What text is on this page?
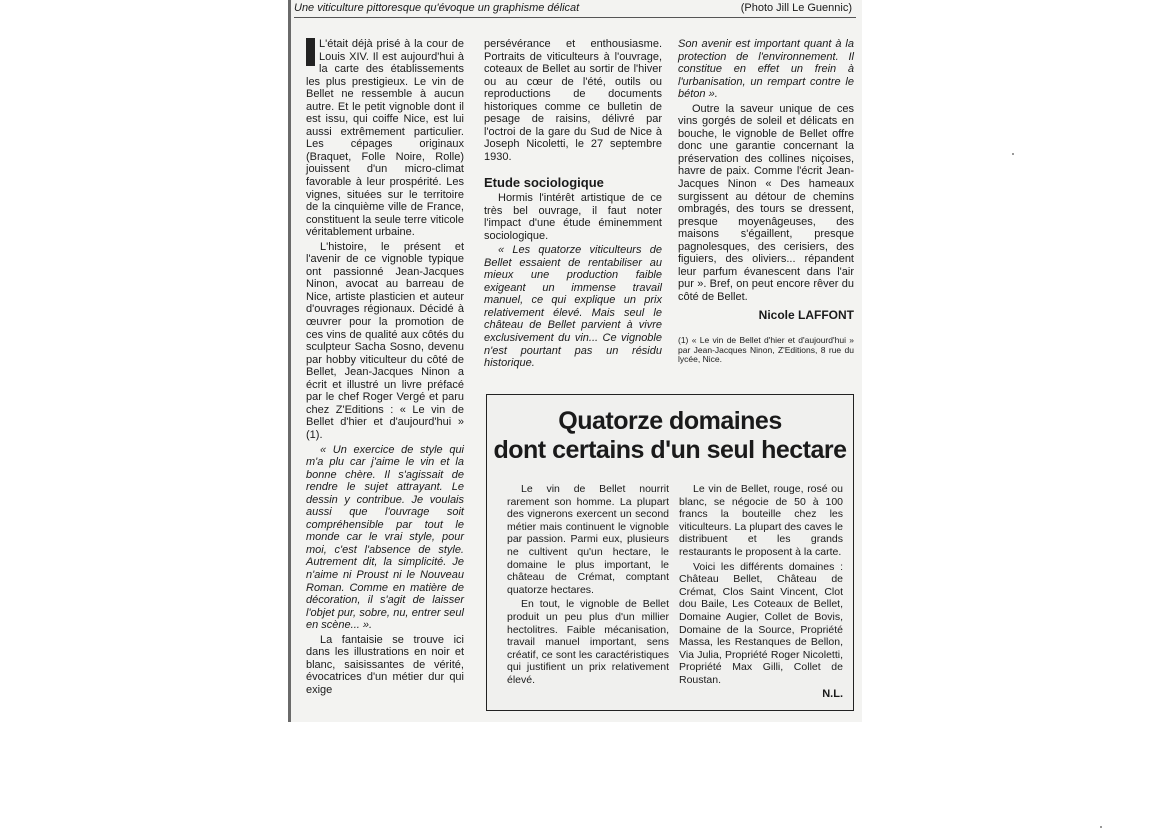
Une viticulture pittoresque qu'évoque un graphisme délicat	(Photo Jill Le Guennic)

L'était déjà prisé à la cour de Louis XIV. Il est aujourd'hui à la carte des établissements les plus prestigieux. Le vin de Bellet ne ressemble à aucun autre. Et le petit vignoble dont il est issu, qui coiffe Nice, est lui aussi extrêmement particulier. Les cépages originaux (Braquet, Folle Noire, Rolle) jouissent d'un micro-climat favorable à leur prospérité. Les vignes, situées sur le territoire de la cinquième ville de France, constituent la seule terre viticole véritablement urbaine.

L'histoire, le présent et l'avenir de ce vignoble typique ont passionné Jean-Jacques Ninon, avocat au barreau de Nice, artiste plasticien et auteur d'ouvrages régionaux. Décidé à œuvrer pour la promotion de ces vins de qualité aux côtés du sculpteur Sacha Sosno, devenu par hobby viticulteur du côté de Bellet, Jean-Jacques Ninon a écrit et illustré un livre préfacé par le chef Roger Vergé et paru chez Z'Editions : « Le vin de Bellet d'hier et d'aujourd'hui » (1).

« Un exercice de style qui m'a plu car j'aime le vin et la bonne chère. Il s'agissait de rendre le sujet attrayant. Le dessin y contribue. Je voulais aussi que l'ouvrage soit compréhensible par tout le monde car le vrai style, pour moi, c'est l'absence de style. Autrement dit, la simplicité. Je n'aime ni Proust ni le Nouveau Roman. Comme en matière de décoration, il s'agit de laisser l'objet pur, sobre, nu, entrer seul en scène... ».

La fantaisie se trouve ici dans les illustrations en noir et blanc, saisissantes de vérité, évocatrices d'un métier dur qui exige

persévérance et enthousiasme. Portraits de viticulteurs à l'ouvrage, coteaux de Bellet au sortir de l'hiver ou au cœur de l'été, outils ou reproductions de documents historiques comme ce bulletin de pesage de raisins, délivré par l'octroi de la gare du Sud de Nice à Joseph Nicoletti, le 27 septembre 1930.

Etude sociologique

Hormis l'intérêt artistique de ce très bel ouvrage, il faut noter l'impact d'une étude éminemment sociologique.

« Les quatorze viticulteurs de Bellet essaient de rentabiliser au mieux une production faible exigeant un immense travail manuel, ce qui explique un prix relativement élevé. Mais seul le château de Bellet parvient à vivre exclusivement du vin... Ce vignoble n'est pourtant pas un résidu historique.

Son avenir est important quant à la protection de l'environnement. Il constitue en effet un frein à l'urbanisation, un rempart contre le béton ».

Outre la saveur unique de ces vins gorgés de soleil et délicats en bouche, le vignoble de Bellet offre donc une garantie concernant la préservation des collines niçoises, havre de paix. Comme l'écrit Jean-Jacques Ninon « Des hameaux surgissent au détour de chemins ombragés, des tours se dressent, presque moyenâgeuses, des maisons s'égaillent, presque pagnolesques, des cerisiers, des figuiers, des oliviers... répandent leur parfum évanescent dans l'air pur ». Bref, on peut encore rêver du côté de Bellet.

Nicole LAFFONT

(1) « Le vin de Bellet d'hier et d'aujourd'hui » par Jean-Jacques Ninon, Z'Editions, 8 rue du lycée, Nice.

Quatorze domaines
dont certains d'un seul hectare

Le vin de Bellet nourrit rarement son homme. La plupart des vignerons exercent un second métier mais continuent le vignoble par passion. Parmi eux, plusieurs ne cultivent qu'un hectare, le domaine le plus important, le château de Crémat, comptant quatorze hectares.

En tout, le vignoble de Bellet produit un peu plus d'un millier hectolitres. Faible mécanisation, travail manuel important, sens créatif, ce sont les caractéristiques qui justifient un prix relativement élevé.

Le vin de Bellet, rouge, rosé ou blanc, se négocie de 50 à 100 francs la bouteille chez les viticulteurs. La plupart des caves le distribuent et les grands restaurants le proposent à la carte.

Voici les différents domaines : Château Bellet, Château de Crémat, Clos Saint Vincent, Clot dou Baile, Les Coteaux de Bellet, Domaine Augier, Collet de Bovis, Domaine de la Source, Propriété Massa, les Restanques de Bellon, Via Julia, Propriété Roger Nicoletti, Propriété Max Gilli, Collet de Roustan.

N.L.
